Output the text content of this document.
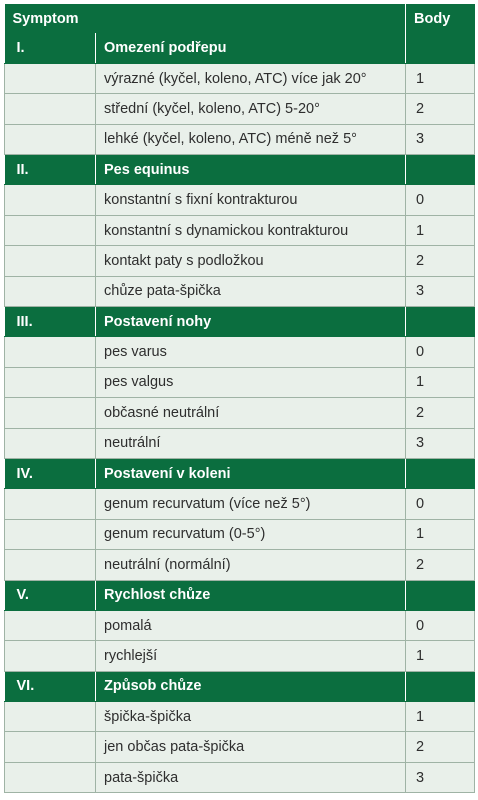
Symptom		Body
I.	Omezení podřepu	
	výrazné (kyčel, koleno, ATC) více jak 20°	1
	střední (kyčel, koleno, ATC) 5-20°	2
	lehké (kyčel, koleno, ATC) méně než 5°	3
II.	Pes equinus	
	konstantní s fixní kontrakturou	0
	konstantní s dynamickou kontrakturou	1
	kontakt paty s podložkou	2
	chůze pata-špička	3
III.	Postavení nohy	
	pes varus	0
	pes valgus	1
	občasné neutrální	2
	neutrální	3
IV.	Postavení v koleni	
	genum recurvatum (více než 5°)	0
	genum recurvatum (0-5°)	1
	neutrální (normální)	2
V.	Rychlost chůze	
	pomalá	0
	rychlejší	1
VI.	Způsob chůze	
	špička-špička	1
	jen občas pata-špička	2
	pata-špička	3
